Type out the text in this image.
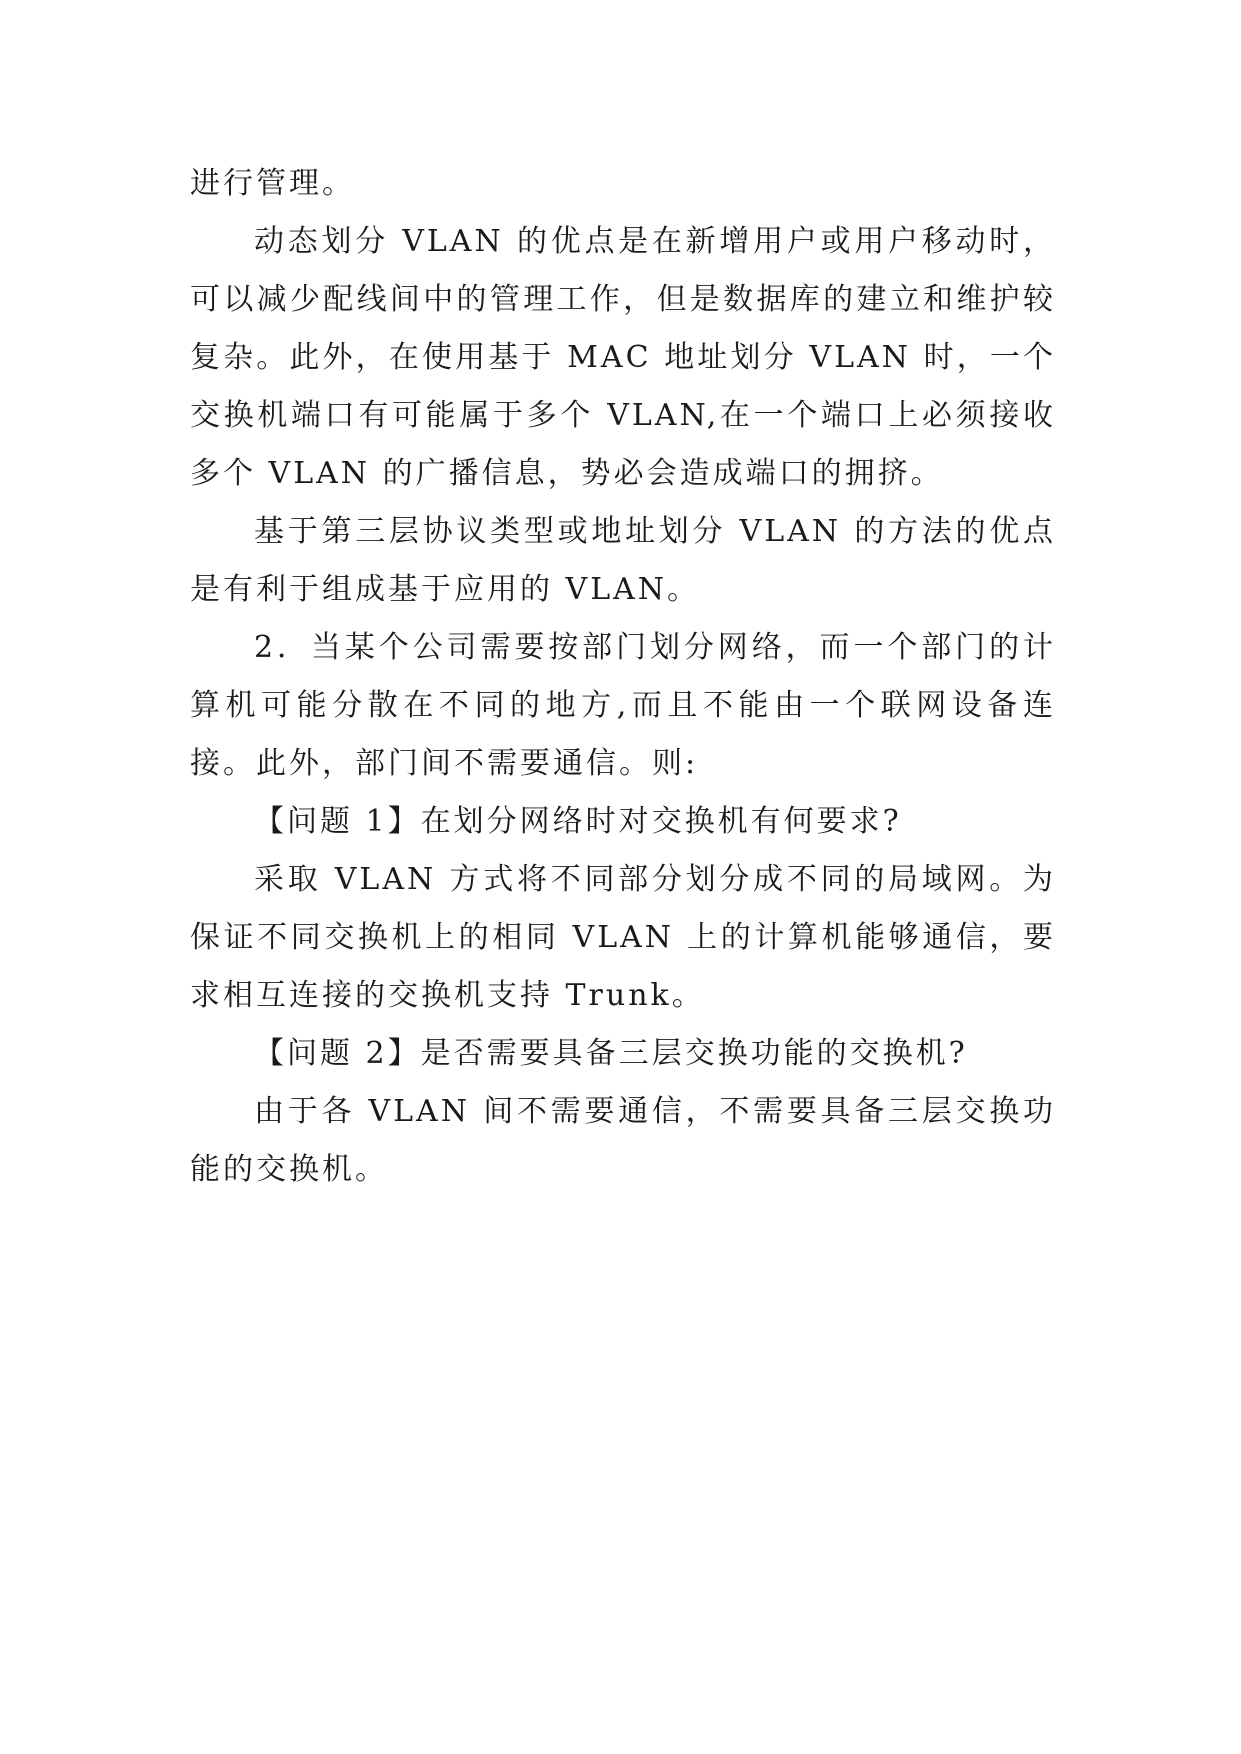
进行管理。

动态划分 VLAN 的优点是在新增用户或用户移动时，可以减少配线间中的管理工作，但是数据库的建立和维护较复杂。此外，在使用基于 MAC 地址划分 VLAN 时，一个交换机端口有可能属于多个 VLAN,在一个端口上必须接收多个 VLAN 的广播信息，势必会造成端口的拥挤。

基于第三层协议类型或地址划分 VLAN 的方法的优点是有利于组成基于应用的 VLAN。

2．当某个公司需要按部门划分网络，而一个部门的计算机可能分散在不同的地方,而且不能由一个联网设备连接。此外，部门间不需要通信。则:

【问题 1】在划分网络时对交换机有何要求?

采取 VLAN 方式将不同部分划分成不同的局域网。为保证不同交换机上的相同 VLAN 上的计算机能够通信，要求相互连接的交换机支持 Trunk。

【问题 2】是否需要具备三层交换功能的交换机?

由于各 VLAN 间不需要通信，不需要具备三层交换功能的交换机。
